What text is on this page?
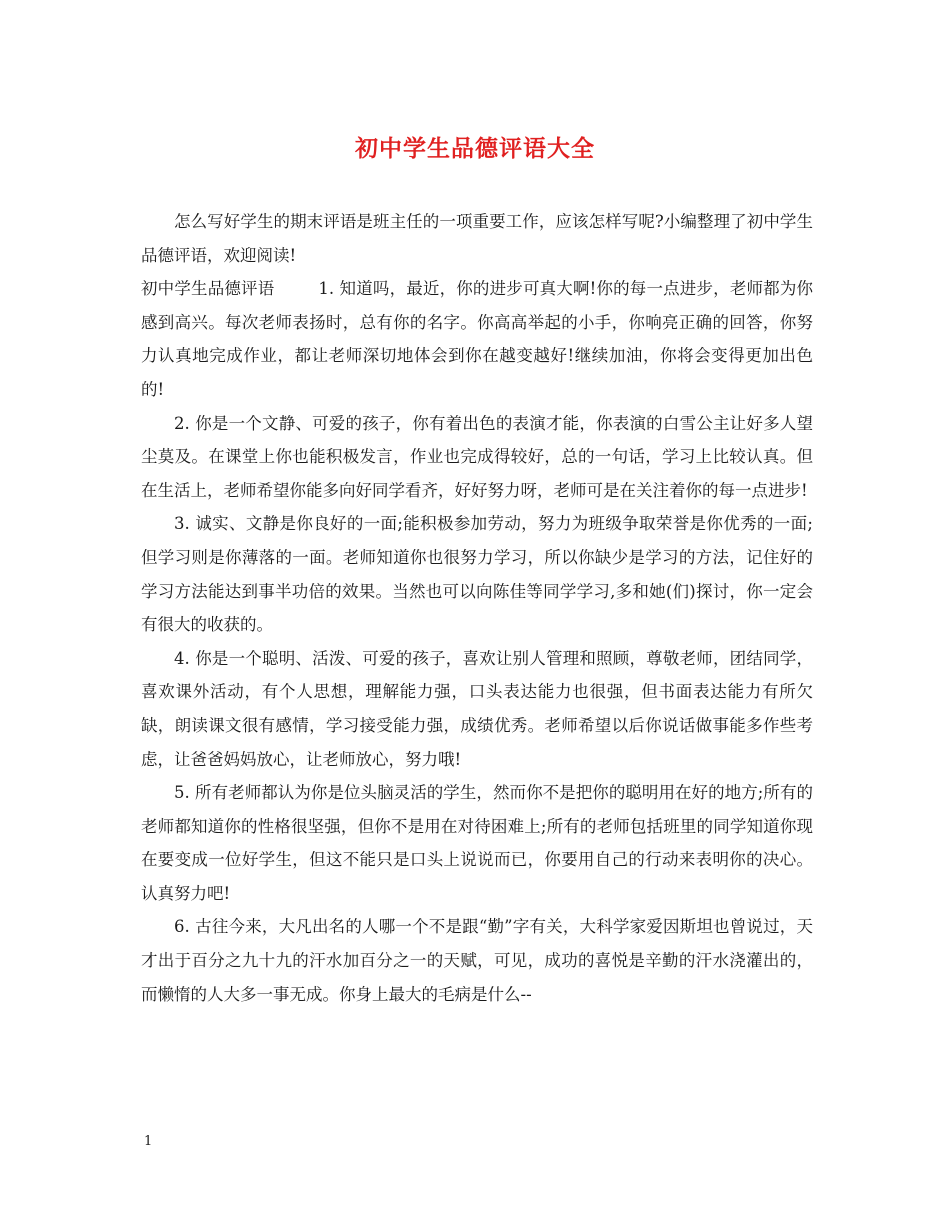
初中学生品德评语大全

怎么写好学生的期末评语是班主任的一项重要工作，应该怎样写呢?小编整理了初中学生品德评语，欢迎阅读!

初中学生品德评语	1. 知道吗，最近，你的进步可真大啊!你的每一点进步，老师都为你感到高兴。每次老师表扬时，总有你的名字。你高高举起的小手，你响亮正确的回答，你努力认真地完成作业，都让老师深切地体会到你在越变越好!继续加油，你将会变得更加出色的!

2. 你是一个文静、可爱的孩子，你有着出色的表演才能，你表演的白雪公主让好多人望尘莫及。在课堂上你也能积极发言，作业也完成得较好，总的一句话，学习上比较认真。但在生活上，老师希望你能多向好同学看齐，好好努力呀，老师可是在关注着你的每一点进步!

3. 诚实、文静是你良好的一面;能积极参加劳动，努力为班级争取荣誉是你优秀的一面;但学习则是你薄落的一面。老师知道你也很努力学习，所以你缺少是学习的方法，记住好的学习方法能达到事半功倍的效果。当然也可以向陈佳等同学学习,多和她(们)探讨，你一定会有很大的收获的。

4. 你是一个聪明、活泼、可爱的孩子，喜欢让别人管理和照顾，尊敬老师，团结同学，喜欢课外活动，有个人思想，理解能力强，口头表达能力也很强，但书面表达能力有所欠缺，朗读课文很有感情，学习接受能力强，成绩优秀。老师希望以后你说话做事能多作些考虑，让爸爸妈妈放心，让老师放心，努力哦!

5. 所有老师都认为你是位头脑灵活的学生，然而你不是把你的聪明用在好的地方;所有的老师都知道你的性格很坚强，但你不是用在对待困难上;所有的老师包括班里的同学知道你现在要变成一位好学生，但这不能只是口头上说说而已，你要用自己的行动来表明你的决心。认真努力吧!

6. 古往今来，大凡出名的人哪一个不是跟“勤”字有关，大科学家爱因斯坦也曾说过，天才出于百分之九十九的汗水加百分之一的天赋，可见，成功的喜悦是辛勤的汗水浇灌出的，而懒惰的人大多一事无成。你身上最大的毛病是什么--

1
